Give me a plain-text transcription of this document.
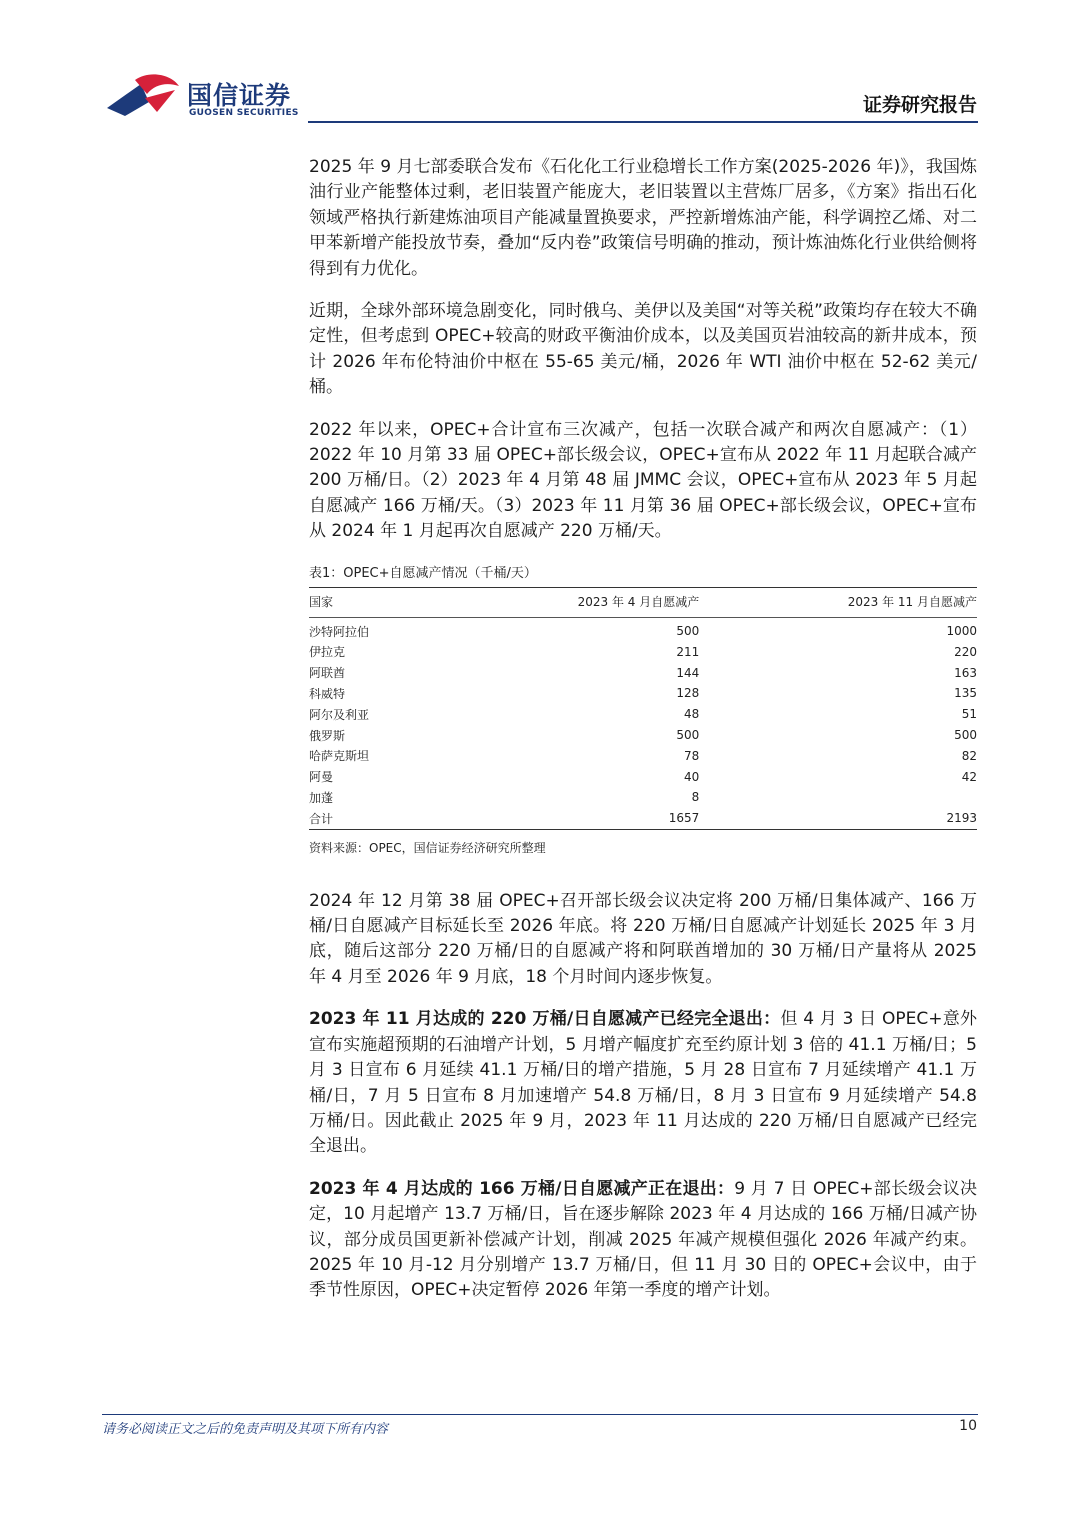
国信证券
GUOSEN SECURITIES	证券研究报告

2025 年 9 月七部委联合发布《石化化工行业稳增长工作方案(2025-2026 年)》，我国炼油行业产能整体过剩，老旧装置产能庞大，老旧装置以主营炼厂居多，《方案》指出石化领域严格执行新建炼油项目产能减量置换要求，严控新增炼油产能，科学调控乙烯、对二甲苯新增产能投放节奏，叠加“反内卷”政策信号明确的推动，预计炼油炼化行业供给侧将得到有力优化。

近期，全球外部环境急剧变化，同时俄乌、美伊以及美国“对等关税”政策均存在较大不确定性，但考虑到 OPEC+较高的财政平衡油价成本，以及美国页岩油较高的新井成本，预计 2026 年布伦特油价中枢在 55-65 美元/桶，2026 年 WTI 油价中枢在 52-62 美元/桶。

2022 年以来，OPEC+合计宣布三次减产，包括一次联合减产和两次自愿减产：（1）2022 年 10 月第 33 届 OPEC+部长级会议，OPEC+宣布从 2022 年 11 月起联合减产 200 万桶/日。（2）2023 年 4 月第 48 届 JMMC 会议，OPEC+宣布从 2023 年 5 月起自愿减产 166 万桶/天。（3）2023 年 11 月第 36 届 OPEC+部长级会议，OPEC+宣布从 2024 年 1 月起再次自愿减产 220 万桶/天。

表1：OPEC+自愿减产情况（千桶/天）
国家	2023 年 4 月自愿减产	2023 年 11 月自愿减产
沙特阿拉伯	500	1000
伊拉克	211	220
阿联酋	144	163
科威特	128	135
阿尔及利亚	48	51
俄罗斯	500	500
哈萨克斯坦	78	82
阿曼	40	42
加蓬	8	
合计	1657	2193
资料来源：OPEC，国信证券经济研究所整理

2024 年 12 月第 38 届 OPEC+召开部长级会议决定将 200 万桶/日集体减产、166 万桶/日自愿减产目标延长至 2026 年底。将 220 万桶/日自愿减产计划延长 2025 年 3 月底，随后这部分 220 万桶/日的自愿减产将和阿联酋增加的 30 万桶/日产量将从 2025 年 4 月至 2026 年 9 月底，18 个月时间内逐步恢复。

2023 年 11 月达成的 220 万桶/日自愿减产已经完全退出：但 4 月 3 日 OPEC+意外宣布实施超预期的石油增产计划，5 月增产幅度扩充至约原计划 3 倍的 41.1 万桶/日；5 月 3 日宣布 6 月延续 41.1 万桶/日的增产措施，5 月 28 日宣布 7 月延续增产 41.1 万桶/日，7 月 5 日宣布 8 月加速增产 54.8 万桶/日，8 月 3 日宣布 9 月延续增产 54.8 万桶/日。因此截止 2025 年 9 月，2023 年 11 月达成的 220 万桶/日自愿减产已经完全退出。

2023 年 4 月达成的 166 万桶/日自愿减产正在退出：9 月 7 日 OPEC+部长级会议决定，10 月起增产 13.7 万桶/日，旨在逐步解除 2023 年 4 月达成的 166 万桶/日减产协议，部分成员国更新补偿减产计划，削减 2025 年减产规模但强化 2026 年减产约束。2025 年 10 月-12 月分别增产 13.7 万桶/日，但 11 月 30 日的 OPEC+会议中，由于季节性原因，OPEC+决定暂停 2026 年第一季度的增产计划。

请务必阅读正文之后的免责声明及其项下所有内容	10
